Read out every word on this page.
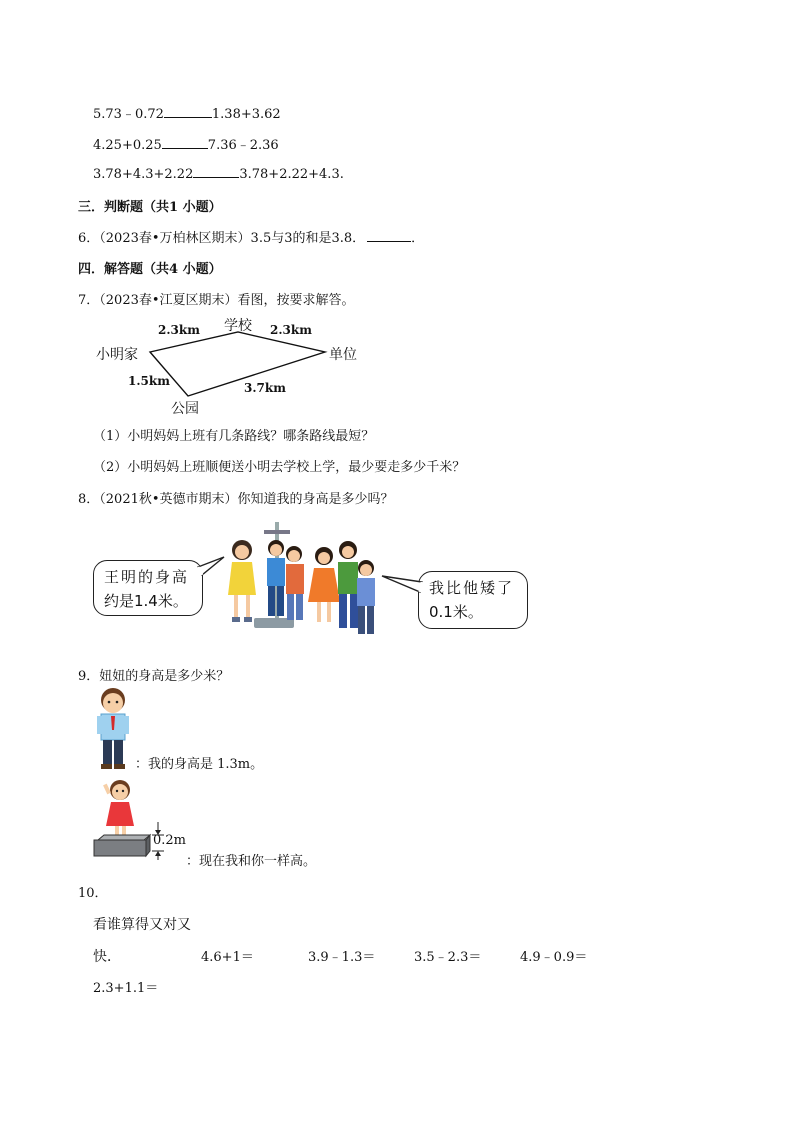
5.73﹣0.72	1.38+3.62
4.25+0.25	7.36﹣2.36
3.78+4.3+2.22	3.78+2.22+4.3.
三．判断题（共1 小题）
6．（2023春•万柏林区期末）3.5与3的和是3.8．	．
四．解答题（共4 小题）
7．（2023春•江夏区期末）看图，按要求解答。
小明家
学校
单位
公园
2.3km	2.3km
1.5km	3.7km
（1）小明妈妈上班有几条路线？哪条路线最短？
（2）小明妈妈上班顺便送小明去学校上学，最少要走多少千米？
8．（2021秋•英德市期末）你知道我的身高是多少吗？
王明的身高
约是1.4米。
我比他矮了
0.1米。
9．妞妞的身高是多少米？
：我的身高是 1.3m。
0.2m
：现在我和你一样高。
10．
看谁算得又对又
快．	4.6+1＝	3.9﹣1.3＝	3.5﹣2.3＝	4.9﹣0.9＝
2.3+1.1＝
